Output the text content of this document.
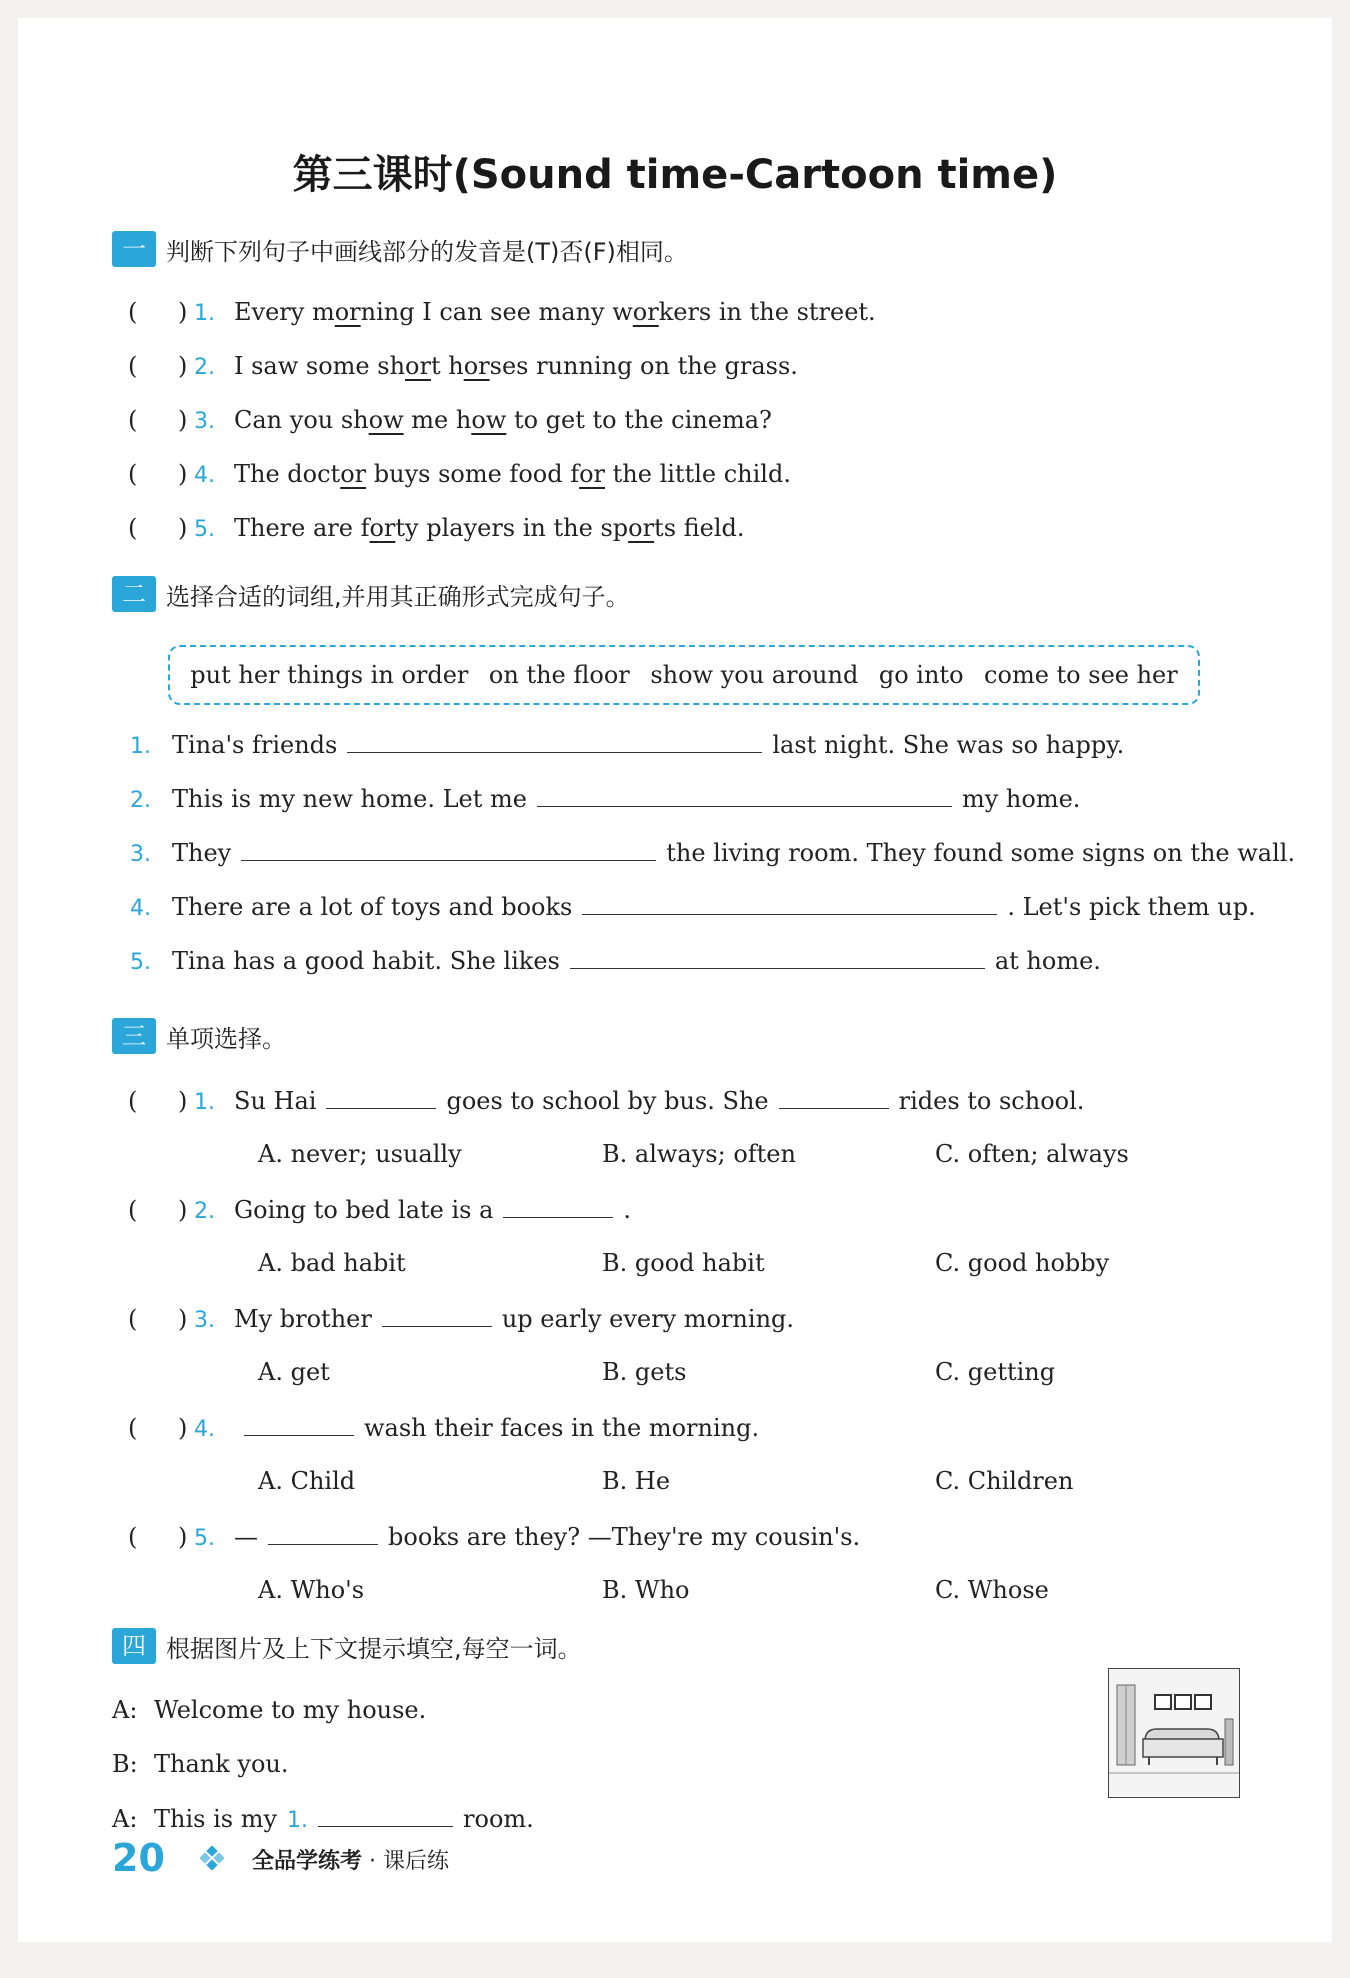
第三课时(Sound time-Cartoon time)
一 判断下列句子中画线部分的发音是(T)否(F)相同。
二 选择合适的词组,并用其正确形式完成句子。
put her things in order on the floor show you around go into come to see her
三 单项选择。
四 根据图片及上下文提示填空,每空一词。
A: Welcome to my house.
B: Thank you.
A: This is my 1.	room.
20	全品学练考 · 课后练
(	) 1. Every morning I can see many workers in the street.
(	) 2. I saw some short horses running on the grass.
(	) 3. Can you show me how to get to the cinema?
(	) 4. The doctor buys some food for the little child.
(	) 5. There are forty players in the sports field.
1. Tina's friends	last night. She was so happy.
2. This is my new home. Let me	my home.
3. They	the living room. They found some signs on the wall.
4. There are a lot of toys and books	. Let's pick them up.
5. Tina has a good habit. She likes	at home.
(	) 1. Su Hai	goes to school by bus. She	rides to school.
A. never; usually	B. always; often	C. often; always
(	) 2. Going to bed late is a	.
A. bad habit	B. good habit	C. good hobby
(	) 3. My brother	up early every morning.
A. get	B. gets	C. getting
(	) 4.	wash their faces in the morning.
A. Child	B. He	C. Children
(	) 5. —	books are they? —They're my cousin's.
A. Who's	B. Who	C. Whose
